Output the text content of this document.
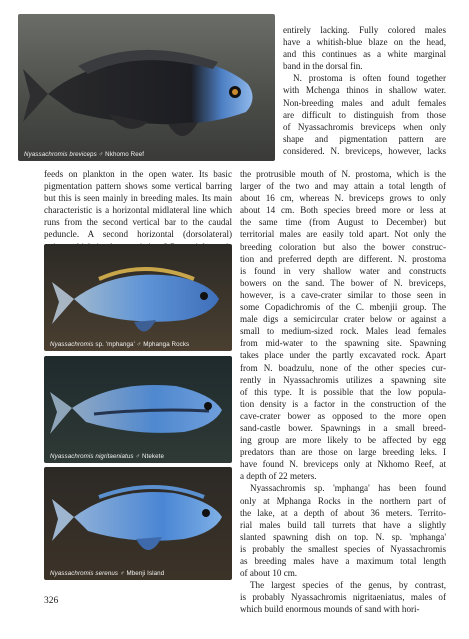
Nyassachromis breviceps ♂ Nkhomo Reef
entirely lacking. Fully colored males
have a whitish-blue blaze on the head,
and this continues as a white marginal
band in the dorsal fin.
N. prostoma is often found together
with Mchenga thinos in shallow water.
Non-breeding males and adult females
are difficult to distinguish from those
of Nyassachromis breviceps when only
shape and pigmentation pattern are
considered. N. breviceps, however, lacks
feeds on plankton in the open water. Its basic
pigmentation pattern shows some vertical barring
but this is seen mainly in breeding males. Its main
characteristic is a horizontal midlateral line which
runs from the second vertical bar to the caudal
peduncle. A second horizontal (dorsolateral)
Nyassachromis sp. 'mphanga' ♂ Mphanga Rocks
Nyassachromis nigritaeniatus ♂ Ntekete
Nyassachromis serenus ♂ Mbenji Island
the protrusible mouth of N. prostoma, which is the
larger of the two and may attain a total length of
about 16 cm, whereas N. breviceps grows to only
about 14 cm. Both species breed more or less at
the same time (from August to December) but
territorial males are easily told apart. Not only the
breeding coloration but also the bower construc-
tion and preferred depth are different. N. prostoma
is found in very shallow water and constructs
bowers on the sand. The bower of N. breviceps,
however, is a cave-crater similar to those seen in
some Copadichromis of the C. mbenjii group. The
male digs a semicircular crater below or against a
small to medium-sized rock. Males lead females
from mid-water to the spawning site. Spawning
takes place under the partly excavated rock. Apart
from N. boadzulu, none of the other species cur-
rently in Nyassachromis utilizes a spawning site
of this type. It is possible that the low popula-
tion density is a factor in the construction of the
cave-crater bower as opposed to the more open
sand-castle bower. Spawnings in a small breed-
ing group are more likely to be affected by egg
predators than are those on large breeding leks. I
have found N. breviceps only at Nkhomo Reef, at
a depth of 22 meters.
Nyassachromis sp. 'mphanga' has been found
only at Mphanga Rocks in the northern part of
the lake, at a depth of about 36 meters. Territo-
rial males build tall turrets that have a slightly
slanted spawning dish on top. N. sp. 'mphanga'
is probably the smallest species of Nyassachromis
as breeding males have a maximum total length
of about 10 cm.
The largest species of the genus, by contrast,
is probably Nyassachromis nigritaeniatus, males of
which build enormous mounds of sand with hori-
326
